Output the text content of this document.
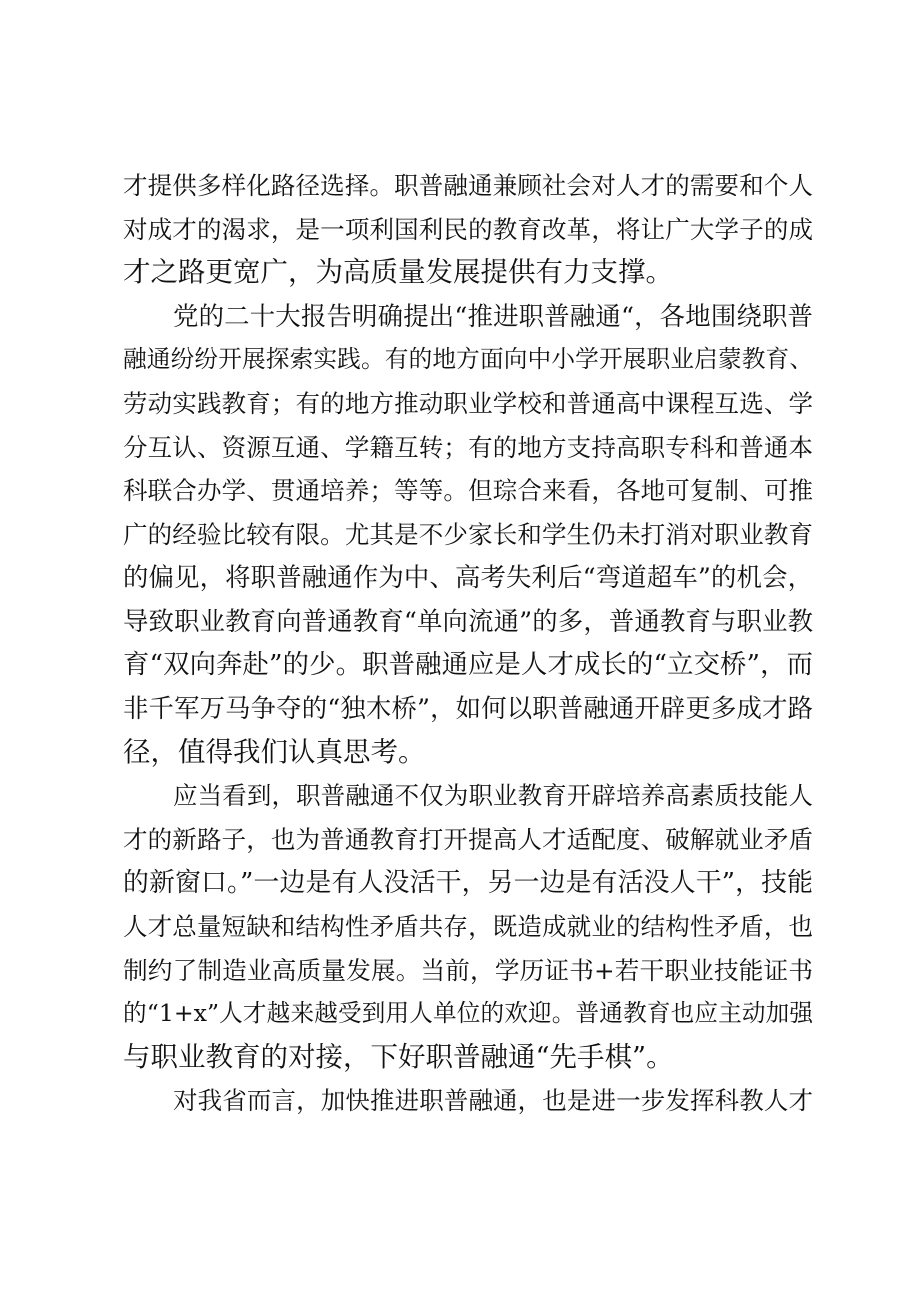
才提供多样化路径选择。职普融通兼顾社会对人才的需要和个人
对成才的渴求，是一项利国利民的教育改革，将让广大学子的成
才之路更宽广，为高质量发展提供有力支撑。
党的二十大报告明确提出“推进职普融通“，各地围绕职普
融通纷纷开展探索实践。有的地方面向中小学开展职业启蒙教育、
劳动实践教育；有的地方推动职业学校和普通高中课程互选、学
分互认、资源互通、学籍互转；有的地方支持高职专科和普通本
科联合办学、贯通培养；等等。但琮合来看，各地可复制、可推
广的经验比较有限。尤其是不少家长和学生仍未打消对职业教育
的偏见，将职普融通作为中、高考失利后“弯道超车”的机会，
导致职业教育向普通教育“单向流通”的多，普通教育与职业教
育“双向奔赴”的少。职普融通应是人才成长的“立交桥”，而
非千军万马争夺的“独木桥”，如何以职普融通开辟更多成才路
径，值得我们认真思考。
应当看到，职普融通不仅为职业教育开辟培养高素质技能人
才的新路子，也为普通教育打开提高人才适配度、破解就业矛盾
的新窗口。”一边是有人没活干，另一边是有活没人干”，技能
人才总量短缺和结构性矛盾共存，既造成就业的结构性矛盾，也
制约了制造业高质量发展。当前，学历证书+若干职业技能证书
的“1+x”人才越来越受到用人单位的欢迎。普通教育也应主动加强
与职业教育的对接，下好职普融通“先手棋”。
对我省而言，加快推进职普融通，也是进一步发挥科教人才
